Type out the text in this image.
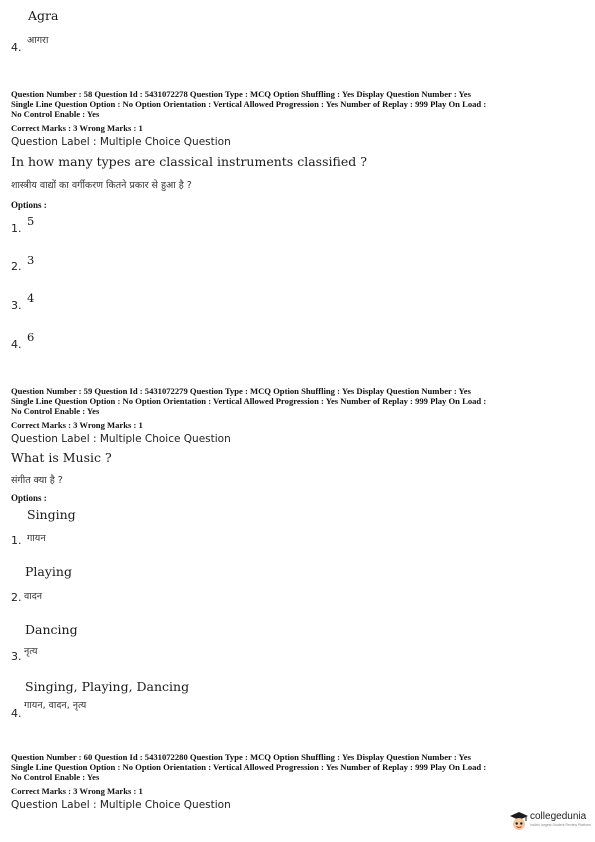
Agra
4.
आगरा
Question Number : 58 Question Id : 5431072278 Question Type : MCQ Option Shuffling : Yes Display Question Number : Yes
Single Line Question Option : No Option Orientation : Vertical Allowed Progression : Yes Number of Replay : 999 Play On Load :
No Control Enable : Yes
Correct Marks : 3 Wrong Marks : 1
Question Label : Multiple Choice Question
In how many types are classical instruments classified ?
शास्त्रीय वाद्यों का वर्गीकरण कितने प्रकार से हुआ है ?
Options :
1.
5
2. 3
3.
4
4.
6
Question Number : 59 Question Id : 5431072279 Question Type : MCQ Option Shuffling : Yes Display Question Number : Yes
Single Line Question Option : No Option Orientation : Vertical Allowed Progression : Yes Number of Replay : 999 Play On Load :
No Control Enable : Yes
Correct Marks : 3 Wrong Marks : 1
Question Label : Multiple Choice Question
What is Music ?
संगीत क्या है ?
Options :
Singing
1. गायन
Playing
2. वादन
Dancing
3. नृत्य
Singing, Playing, Dancing
4.
गायन, वादन, नृत्य
Question Number : 60 Question Id : 5431072280 Question Type : MCQ Option Shuffling : Yes Display Question Number : Yes
Single Line Question Option : No Option Orientation : Vertical Allowed Progression : Yes Number of Replay : 999 Play On Load :
No Control Enable : Yes
Correct Marks : 3 Wrong Marks : 1
Question Label : Multiple Choice Question
collegedunia
India's largest Student Review Platform
